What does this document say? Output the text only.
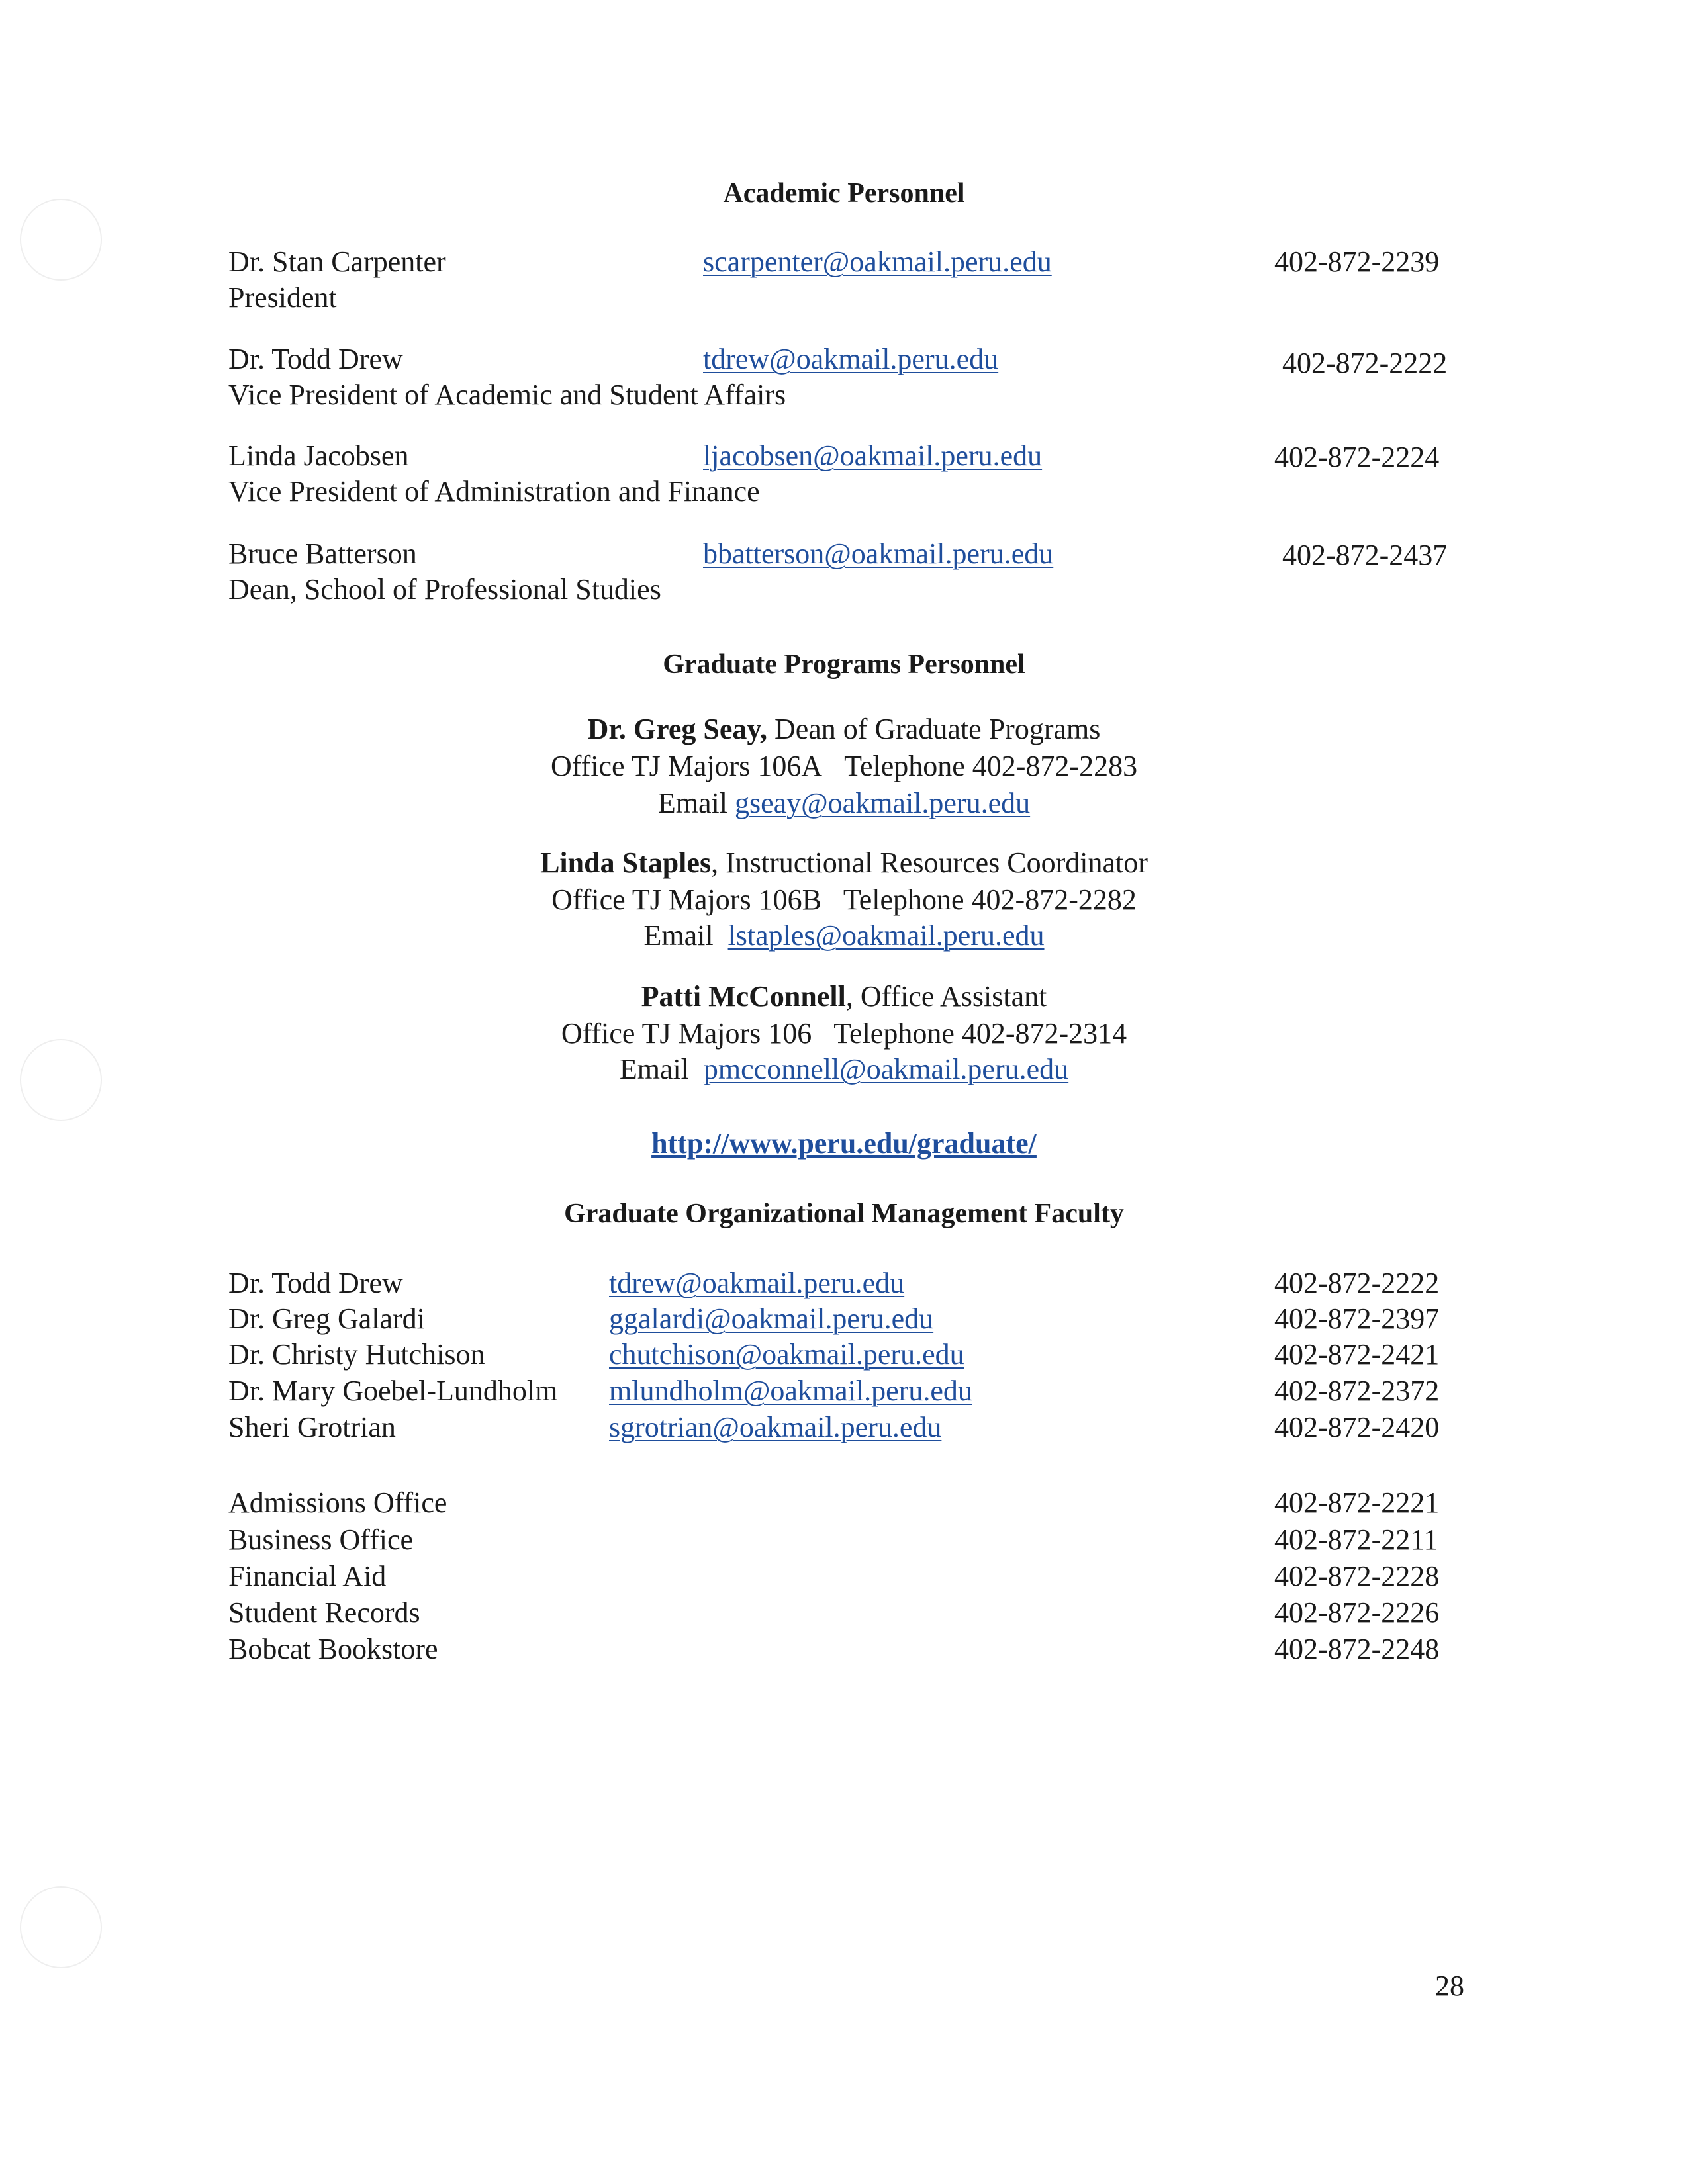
Academic Personnel
Dr. Stan Carpenter
President
scarpenter@oakmail.peru.edu	402-872-2239
Dr. Todd Drew
Vice President of Academic and Student Affairs
tdrew@oakmail.peru.edu	402-872-2222
Linda Jacobsen
Vice President of Administration and Finance
ljacobsen@oakmail.peru.edu	402-872-2224
Bruce Batterson
Dean, School of Professional Studies
bbatterson@oakmail.peru.edu	402-872-2437
Graduate Programs Personnel
Dr. Greg Seay, Dean of Graduate Programs
Office TJ Majors 106A Telephone 402-872-2283
Email gseay@oakmail.peru.edu
Linda Staples, Instructional Resources Coordinator
Office TJ Majors 106B Telephone 402-872-2282
Email lstaples@oakmail.peru.edu
Patti McConnell, Office Assistant
Office TJ Majors 106 Telephone 402-872-2314
Email pmcconnell@oakmail.peru.edu
http://www.peru.edu/graduate/
Graduate Organizational Management Faculty
Dr. Todd Drew	tdrew@oakmail.peru.edu	402-872-2222
Dr. Greg Galardi	ggalardi@oakmail.peru.edu	402-872-2397
Dr. Christy Hutchison	chutchison@oakmail.peru.edu	402-872-2421
Dr. Mary Goebel-Lundholm mlundholm@oakmail.peru.edu	402-872-2372
Sheri Grotrian	sgrotrian@oakmail.peru.edu	402-872-2420
Admissions Office	402-872-2221
Business Office	402-872-2211
Financial Aid	402-872-2228
Student Records	402-872-2226
Bobcat Bookstore	402-872-2248
28
